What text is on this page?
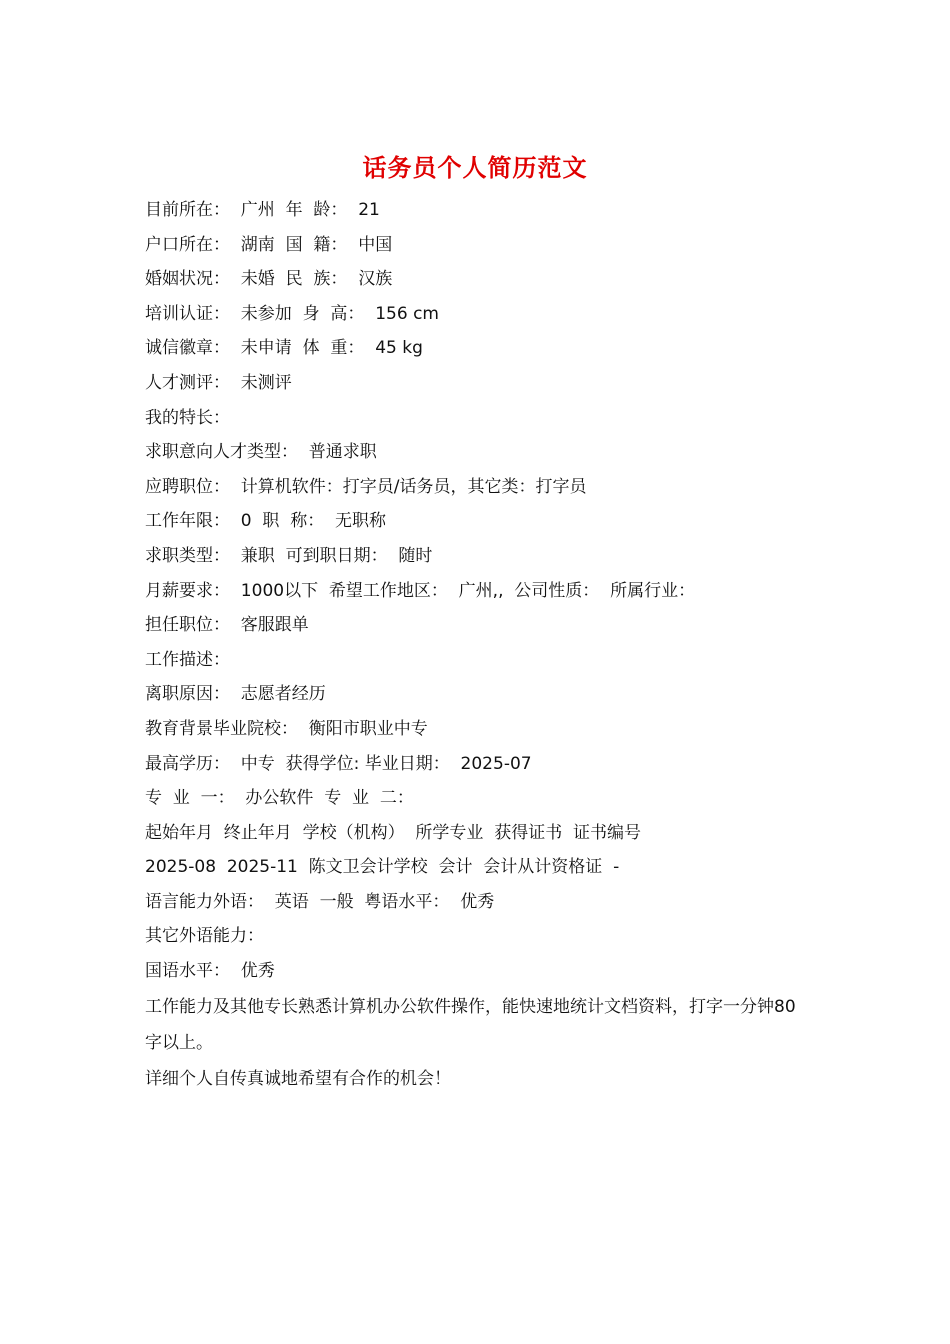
话务员个人简历范文
目前所在：  广州  年  龄：  21
户口所在：  湖南  国  籍：  中国
婚姻状况：  未婚  民  族：  汉族
培训认证：  未参加  身  高：  156 cm
诚信徽章：  未申请  体  重：  45 kg
人才测评：  未测评
我的特长：
求职意向人才类型：  普通求职
应聘职位：  计算机软件：打字员/话务员，其它类：打字员
工作年限：  0  职  称：  无职称
求职类型：  兼职  可到职日期：  随时
月薪要求：  1000以下  希望工作地区：  广州,,  公司性质：  所属行业：
担任职位：  客服跟单
工作描述：
离职原因：  志愿者经历
教育背景毕业院校：  衡阳市职业中专
最高学历：  中专  获得学位: 毕业日期：  2025-07
专  业  一：  办公软件  专  业  二：
起始年月  终止年月  学校（机构）  所学专业  获得证书  证书编号
2025-08  2025-11  陈文卫会计学校  会计  会计从计资格证  -
语言能力外语：  英语  一般  粤语水平：  优秀
其它外语能力：
国语水平：  优秀
工作能力及其他专长熟悉计算机办公软件操作，能快速地统计文档资料，打字一分钟80字以上。
详细个人自传真诚地希望有合作的机会！
